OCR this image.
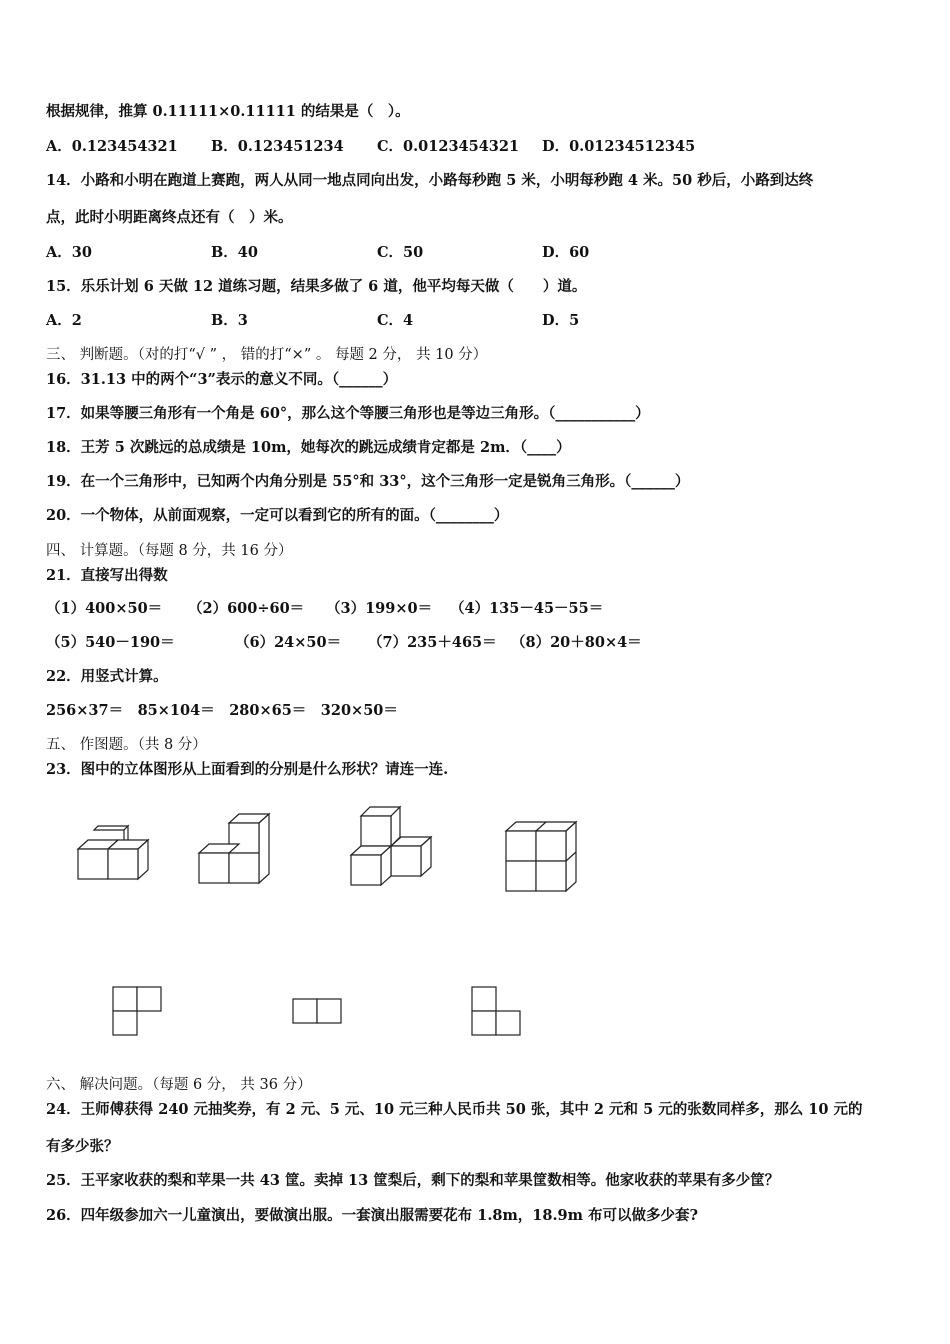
根据规律，推算 0.11111×0.11111 的结果是（　）。
A．0.123454321 B．0.123451234 C．0.0123454321 D．0.01234512345
14．小路和小明在跑道上赛跑，两人从同一地点同向出发，小路每秒跑 5 米，小明每秒跑 4 米。50 秒后，小路到达终
点，此时小明距离终点还有（　）米。
A．30	B．40	C．50	D．60
15．乐乐计划 6 天做 12 道练习题，结果多做了 6 道，他平均每天做（　　）道。
A．2	B．3	C．4	D．5
三、 判断题。（对的打“√ ” ， 错的打“×” 。 每题 2 分， 共 10 分）
16．31.13 中的两个“3”表示的意义不同。（______）
17．如果等腰三角形有一个角是 60°，那么这个等腰三角形也是等边三角形。（___________）
18．王芳 5 次跳远的总成绩是 10m，她每次的跳远成绩肯定都是 2m．（____）
19．在一个三角形中，已知两个内角分别是 55°和 33°，这个三角形一定是锐角三角形。（______）
20．一个物体，从前面观察，一定可以看到它的所有的面。（________）
四、 计算题。（每题 8 分，共 16 分）
21．直接写出得数
（1）400×50＝ （2）600÷60＝ （3）199×0＝ （4）135－45－55＝
（5）540－190＝	（6）24×50＝ （7）235＋465＝ （8）20＋80×4＝
22．用竖式计算。
256×37＝　85×104＝　280×65＝　320×50＝
五、 作图题。（共 8 分）
23．图中的立体图形从上面看到的分别是什么形状？请连一连.
六、 解决问题。（每题 6 分， 共 36 分）
24．王师傅获得 240 元抽奖券，有 2 元、5 元、10 元三种人民币共 50 张，其中 2 元和 5 元的张数同样多，那么 10 元的
有多少张？
25．王平家收获的梨和苹果一共 43 筐。卖掉 13 筐梨后，剩下的梨和苹果筐数相等。他家收获的苹果有多少筐？
26．四年级参加六一儿童演出，要做演出服。一套演出服需要花布 1.8m，18.9m 布可以做多少套?
